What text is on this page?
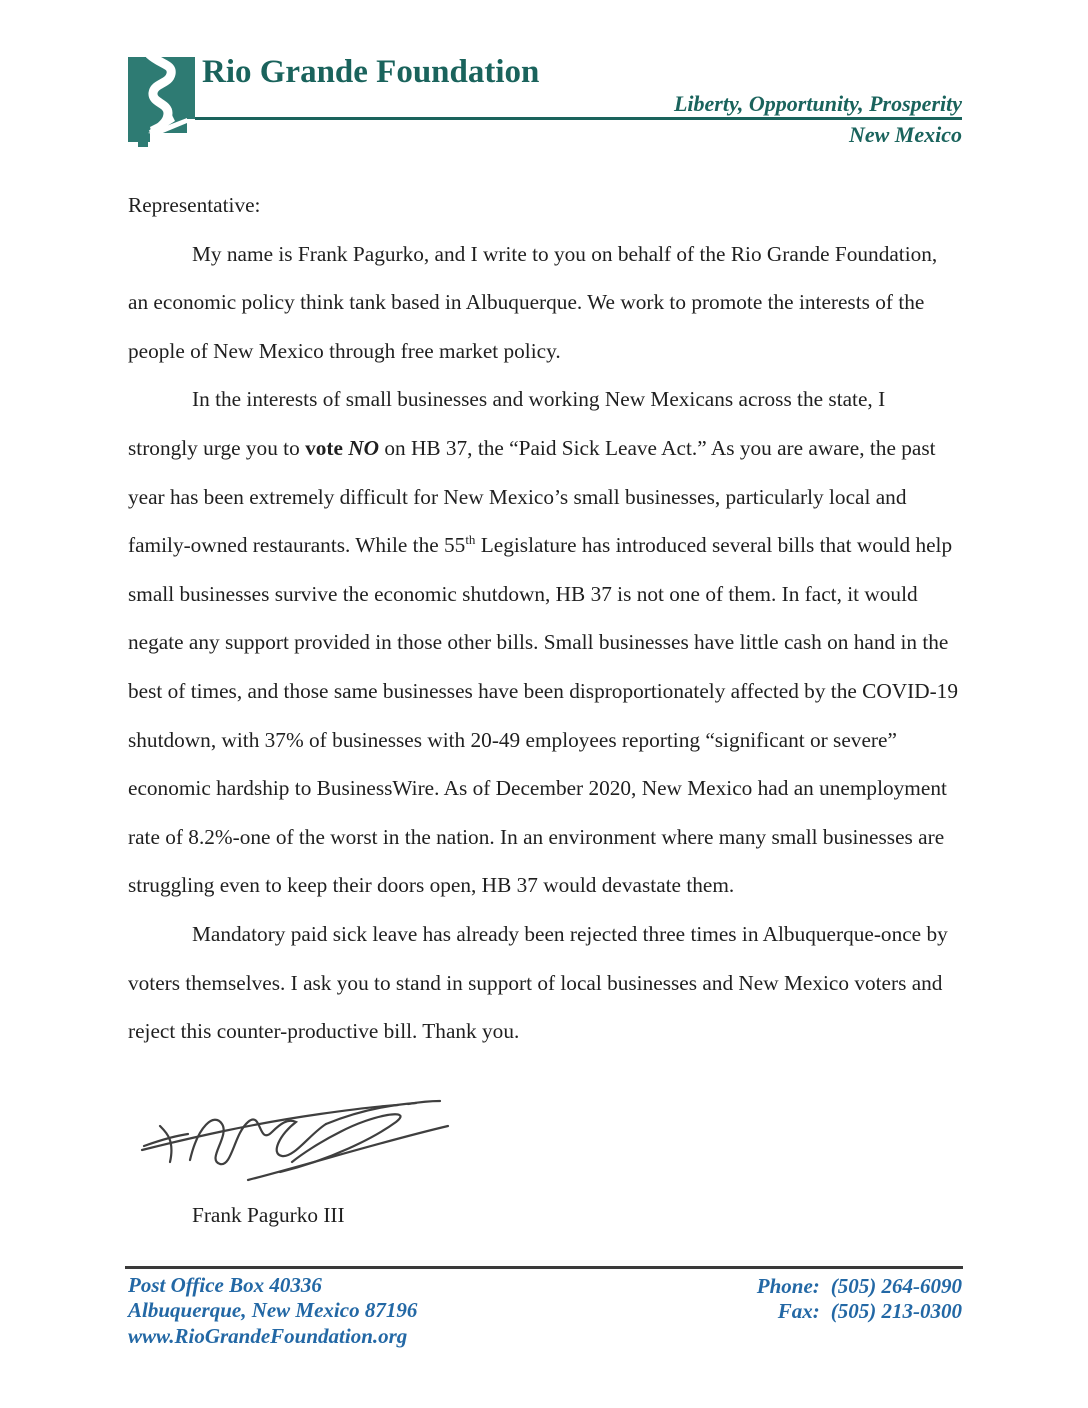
Rio Grande Foundation
Liberty, Opportunity, Prosperity
New Mexico
Representative:
My name is Frank Pagurko, and I write to you on behalf of the Rio Grande Foundation,
an economic policy think tank based in Albuquerque. We work to promote the interests of the
people of New Mexico through free market policy.
In the interests of small businesses and working New Mexicans across the state, I
strongly urge you to vote NO on HB 37, the “Paid Sick Leave Act.” As you are aware, the past
year has been extremely difficult for New Mexico’s small businesses, particularly local and
family-owned restaurants. While the 55th Legislature has introduced several bills that would help
small businesses survive the economic shutdown, HB 37 is not one of them. In fact, it would
negate any support provided in those other bills. Small businesses have little cash on hand in the
best of times, and those same businesses have been disproportionately affected by the COVID-19
shutdown, with 37% of businesses with 20-49 employees reporting “significant or severe”
economic hardship to BusinessWire. As of December 2020, New Mexico had an unemployment
rate of 8.2%-one of the worst in the nation. In an environment where many small businesses are
struggling even to keep their doors open, HB 37 would devastate them.
Mandatory paid sick leave has already been rejected three times in Albuquerque-once by
voters themselves. I ask you to stand in support of local businesses and New Mexico voters and
reject this counter-productive bill. Thank you.
Frank Pagurko III
Post Office Box 40336
Albuquerque, New Mexico 87196
www.RioGrandeFoundation.org
Phone: (505) 264-6090
Fax: (505) 213-0300
